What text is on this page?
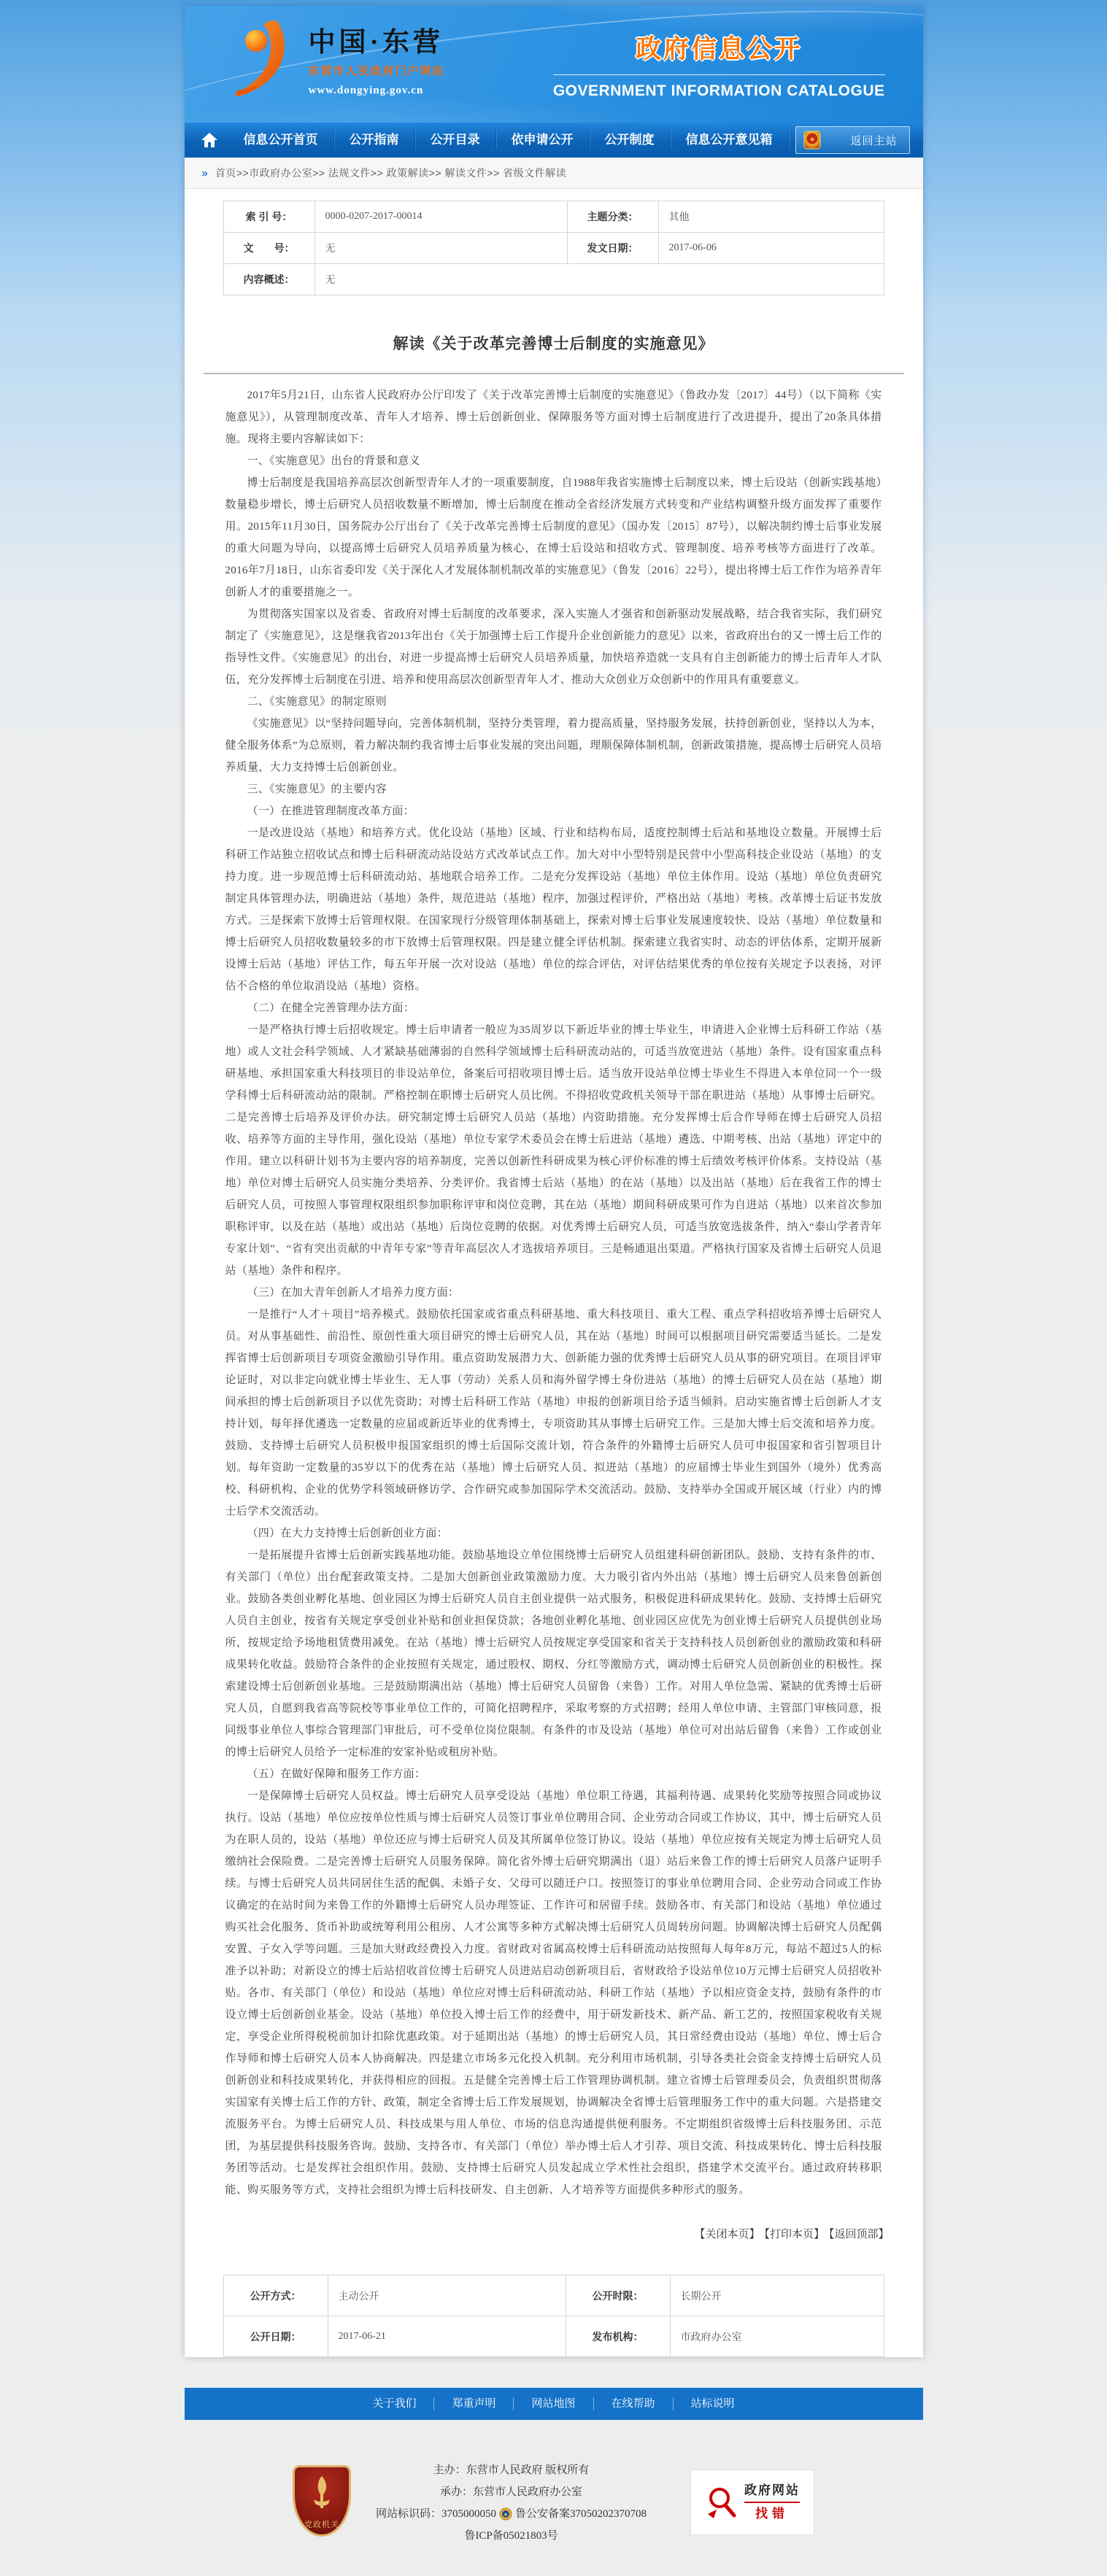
中国·东营
东营市人民政府门户网站
www.dongying.gov.cn
政府信息公开
GOVERNMENT INFORMATION CATALOGUE
信息公开首页	公开指南	公开目录	依申请公开	公开制度	信息公开意见箱	★	返回主站
» 首页>>市政府办公室>> 法规文件>> 政策解读>> 解读文件>> 省级文件解读
索 引 号：	0000-0207-2017-00014	主题分类：	其他
文　　号：	无	发文日期：	2017-06-06
内容概述：	无		
解读《关于改革完善博士后制度的实施意见》

2017年5月21日，山东省人民政府办公厅印发了《关于改革完善博士后制度的实施意见》（鲁政办发〔2017〕44号）（以下简称《实施意见》），从管理制度改革、青年人才培养、博士后创新创业、保障服务等方面对博士后制度进行了改进提升，提出了20条具体措施。现将主要内容解读如下：

一、《实施意见》出台的背景和意义

博士后制度是我国培养高层次创新型青年人才的一项重要制度，自1988年我省实施博士后制度以来，博士后设站（创新实践基地）数量稳步增长，博士后研究人员招收数量不断增加，博士后制度在推动全省经济发展方式转变和产业结构调整升级方面发挥了重要作用。2015年11月30日，国务院办公厅出台了《关于改革完善博士后制度的意见》（国办发〔2015〕87号），以解决制约博士后事业发展的重大问题为导向，以提高博士后研究人员培养质量为核心，在博士后设站和招收方式、管理制度、培养考核等方面进行了改革。2016年7月18日，山东省委印发《关于深化人才发展体制机制改革的实施意见》（鲁发〔2016〕22号），提出将博士后工作作为培养青年创新人才的重要措施之一。

为贯彻落实国家以及省委、省政府对博士后制度的改革要求，深入实施人才强省和创新驱动发展战略，结合我省实际，我们研究制定了《实施意见》，这是继我省2013年出台《关于加强博士后工作提升企业创新能力的意见》以来，省政府出台的又一博士后工作的指导性文件。《实施意见》的出台，对进一步提高博士后研究人员培养质量，加快培养造就一支具有自主创新能力的博士后青年人才队伍，充分发挥博士后制度在引进、培养和使用高层次创新型青年人才、推动大众创业万众创新中的作用具有重要意义。

二、《实施意见》的制定原则

《实施意见》以“坚持问题导向，完善体制机制，坚持分类管理，着力提高质量，坚持服务发展，扶持创新创业，坚持以人为本，健全服务体系”为总原则，着力解决制约我省博士后事业发展的突出问题，理顺保障体制机制，创新政策措施，提高博士后研究人员培养质量，大力支持博士后创新创业。

三、《实施意见》的主要内容

（一）在推进管理制度改革方面：

一是改进设站（基地）和培养方式。优化设站（基地）区域、行业和结构布局，适度控制博士后站和基地设立数量。开展博士后科研工作站独立招收试点和博士后科研流动站设站方式改革试点工作。加大对中小型特别是民营中小型高科技企业设站（基地）的支持力度。进一步规范博士后科研流动站、基地联合培养工作。二是充分发挥设站（基地）单位主体作用。设站（基地）单位负责研究制定具体管理办法，明确进站（基地）条件，规范进站（基地）程序，加强过程评价，严格出站（基地）考核。改革博士后证书发放方式。三是探索下放博士后管理权限。在国家现行分级管理体制基础上，探索对博士后事业发展速度较快、设站（基地）单位数量和博士后研究人员招收数量较多的市下放博士后管理权限。四是建立健全评估机制。探索建立我省实时、动态的评估体系，定期开展新设博士后站（基地）评估工作，每五年开展一次对设站（基地）单位的综合评估，对评估结果优秀的单位按有关规定予以表扬，对评估不合格的单位取消设站（基地）资格。

（二）在健全完善管理办法方面：

一是严格执行博士后招收规定。博士后申请者一般应为35周岁以下新近毕业的博士毕业生，申请进入企业博士后科研工作站（基地）或人文社会科学领域、人才紧缺基础薄弱的自然科学领域博士后科研流动站的，可适当放宽进站（基地）条件。设有国家重点科研基地、承担国家重大科技项目的非设站单位，备案后可招收项目博士后。适当放开设站单位博士毕业生不得进入本单位同一个一级学科博士后科研流动站的限制。严格控制在职博士后研究人员比例。不得招收党政机关领导干部在职进站（基地）从事博士后研究。二是完善博士后培养及评价办法。研究制定博士后研究人员站（基地）内资助措施。充分发挥博士后合作导师在博士后研究人员招收、培养等方面的主导作用，强化设站（基地）单位专家学术委员会在博士后进站（基地）遴选、中期考核、出站（基地）评定中的作用。建立以科研计划书为主要内容的培养制度，完善以创新性科研成果为核心评价标准的博士后绩效考核评价体系。支持设站（基地）单位对博士后研究人员实施分类培养、分类评价。我省博士后站（基地）的在站（基地）以及出站（基地）后在我省工作的博士后研究人员，可按照人事管理权限组织参加职称评审和岗位竞聘，其在站（基地）期间科研成果可作为自进站（基地）以来首次参加职称评审，以及在站（基地）或出站（基地）后岗位竞聘的依据。对优秀博士后研究人员，可适当放宽选拔条件，纳入“泰山学者青年专家计划”、“省有突出贡献的中青年专家”等青年高层次人才选拔培养项目。三是畅通退出渠道。严格执行国家及省博士后研究人员退站（基地）条件和程序。

（三）在加大青年创新人才培养力度方面：

一是推行“人才＋项目”培养模式。鼓励依托国家或省重点科研基地、重大科技项目、重大工程、重点学科招收培养博士后研究人员。对从事基础性、前沿性、原创性重大项目研究的博士后研究人员，其在站（基地）时间可以根据项目研究需要适当延长。二是发挥省博士后创新项目专项资金激励引导作用。重点资助发展潜力大、创新能力强的优秀博士后研究人员从事的研究项目。在项目评审论证时，对以非定向就业博士毕业生、无人事（劳动）关系人员和海外留学博士身份进站（基地）的博士后研究人员在站（基地）期间承担的博士后创新项目予以优先资助；对博士后科研工作站（基地）申报的创新项目给予适当倾斜。启动实施省博士后创新人才支持计划，每年择优遴选一定数量的应届或新近毕业的优秀博士，专项资助其从事博士后研究工作。三是加大博士后交流和培养力度。鼓励、支持博士后研究人员积极申报国家组织的博士后国际交流计划，符合条件的外籍博士后研究人员可申报国家和省引智项目计划。每年资助一定数量的35岁以下的优秀在站（基地）博士后研究人员、拟进站（基地）的应届博士毕业生到国外（境外）优秀高校、科研机构、企业的优势学科领域研修访学、合作研究或参加国际学术交流活动。鼓励、支持举办全国或开展区域（行业）内的博士后学术交流活动。

（四）在大力支持博士后创新创业方面：

一是拓展提升省博士后创新实践基地功能。鼓励基地设立单位围绕博士后研究人员组建科研创新团队。鼓励、支持有条件的市、有关部门（单位）出台配套政策支持。二是加大创新创业政策激励力度。大力吸引省内外出站（基地）博士后研究人员来鲁创新创业。鼓励各类创业孵化基地、创业园区为博士后研究人员自主创业提供一站式服务，积极促进科研成果转化。鼓励、支持博士后研究人员自主创业，按省有关规定享受创业补贴和创业担保贷款；各地创业孵化基地、创业园区应优先为创业博士后研究人员提供创业场所，按规定给予场地租赁费用减免。在站（基地）博士后研究人员按规定享受国家和省关于支持科技人员创新创业的激励政策和科研成果转化收益。鼓励符合条件的企业按照有关规定，通过股权、期权、分红等激励方式，调动博士后研究人员创新创业的积极性。探索建设博士后创新创业基地。三是鼓励期满出站（基地）博士后研究人员留鲁（来鲁）工作。对用人单位急需、紧缺的优秀博士后研究人员，自愿到我省高等院校等事业单位工作的，可简化招聘程序，采取考察的方式招聘；经用人单位申请、主管部门审核同意，报同级事业单位人事综合管理部门审批后，可不受单位岗位限制。有条件的市及设站（基地）单位可对出站后留鲁（来鲁）工作或创业的博士后研究人员给予一定标准的安家补贴或租房补贴。

（五）在做好保障和服务工作方面：

一是保障博士后研究人员权益。博士后研究人员享受设站（基地）单位职工待遇，其福利待遇、成果转化奖励等按照合同或协议执行。设站（基地）单位应按单位性质与博士后研究人员签订事业单位聘用合同、企业劳动合同或工作协议，其中，博士后研究人员为在职人员的，设站（基地）单位还应与博士后研究人员及其所属单位签订协议。设站（基地）单位应按有关规定为博士后研究人员缴纳社会保险费。二是完善博士后研究人员服务保障。简化省外博士后研究期满出（退）站后来鲁工作的博士后研究人员落户证明手续。与博士后研究人员共同居住生活的配偶、未婚子女、父母可以随迁户口。按照签订的事业单位聘用合同、企业劳动合同或工作协议确定的在站时间为来鲁工作的外籍博士后研究人员办理签证、工作许可和居留手续。鼓励各市、有关部门和设站（基地）单位通过购买社会化服务、货币补助或统筹利用公租房、人才公寓等多种方式解决博士后研究人员周转房问题。协调解决博士后研究人员配偶安置、子女入学等问题。三是加大财政经费投入力度。省财政对省属高校博士后科研流动站按照每人每年8万元，每站不超过5人的标准予以补助；对新设立的博士后站招收首位博士后研究人员进站启动创新项目后，省财政给予设站单位10万元博士后研究人员招收补贴。各市、有关部门（单位）和设站（基地）单位应对博士后科研流动站、科研工作站（基地）予以相应资金支持，鼓励有条件的市设立博士后创新创业基金。设站（基地）单位投入博士后工作的经费中，用于研发新技术、新产品、新工艺的，按照国家税收有关规定，享受企业所得税税前加计扣除优惠政策。对于延期出站（基地）的博士后研究人员，其日常经费由设站（基地）单位、博士后合作导师和博士后研究人员本人协商解决。四是建立市场多元化投入机制。充分利用市场机制，引导各类社会资金支持博士后研究人员创新创业和科技成果转化，并获得相应的回报。五是健全完善博士后工作管理协调机制。建立省博士后管理委员会，负责组织贯彻落实国家有关博士后工作的方针、政策，制定全省博士后工作发展规划，协调解决全省博士后管理服务工作中的重大问题。六是搭建交流服务平台。为博士后研究人员、科技成果与用人单位、市场的信息沟通提供便利服务。不定期组织省级博士后科技服务团、示范团，为基层提供科技服务咨询。鼓励、支持各市、有关部门（单位）举办博士后人才引荐、项目交流、科技成果转化、博士后科技服务团等活动。七是发挥社会组织作用。鼓励、支持博士后研究人员发起成立学术性社会组织，搭建学术交流平台。通过政府转移职能、购买服务等方式，支持社会组织为博士后科技研发、自主创新、人才培养等方面提供多种形式的服务。

【关闭本页】 【打印本页】 【返回顶部】
公开方式：	主动公开	公开时限：	长期公开
公开日期：	2017-06-21	发布机构：	市政府办公室
关于我们	郑重声明	网站地图	在线帮助	站标说明
党政机关
主办：东营市人民政府 版权所有
承办：东营市人民政府办公室
网站标识码：3705000050 ★ 鲁公安备案37050202370708
鲁ICP备05021803号
政府网站
找错
